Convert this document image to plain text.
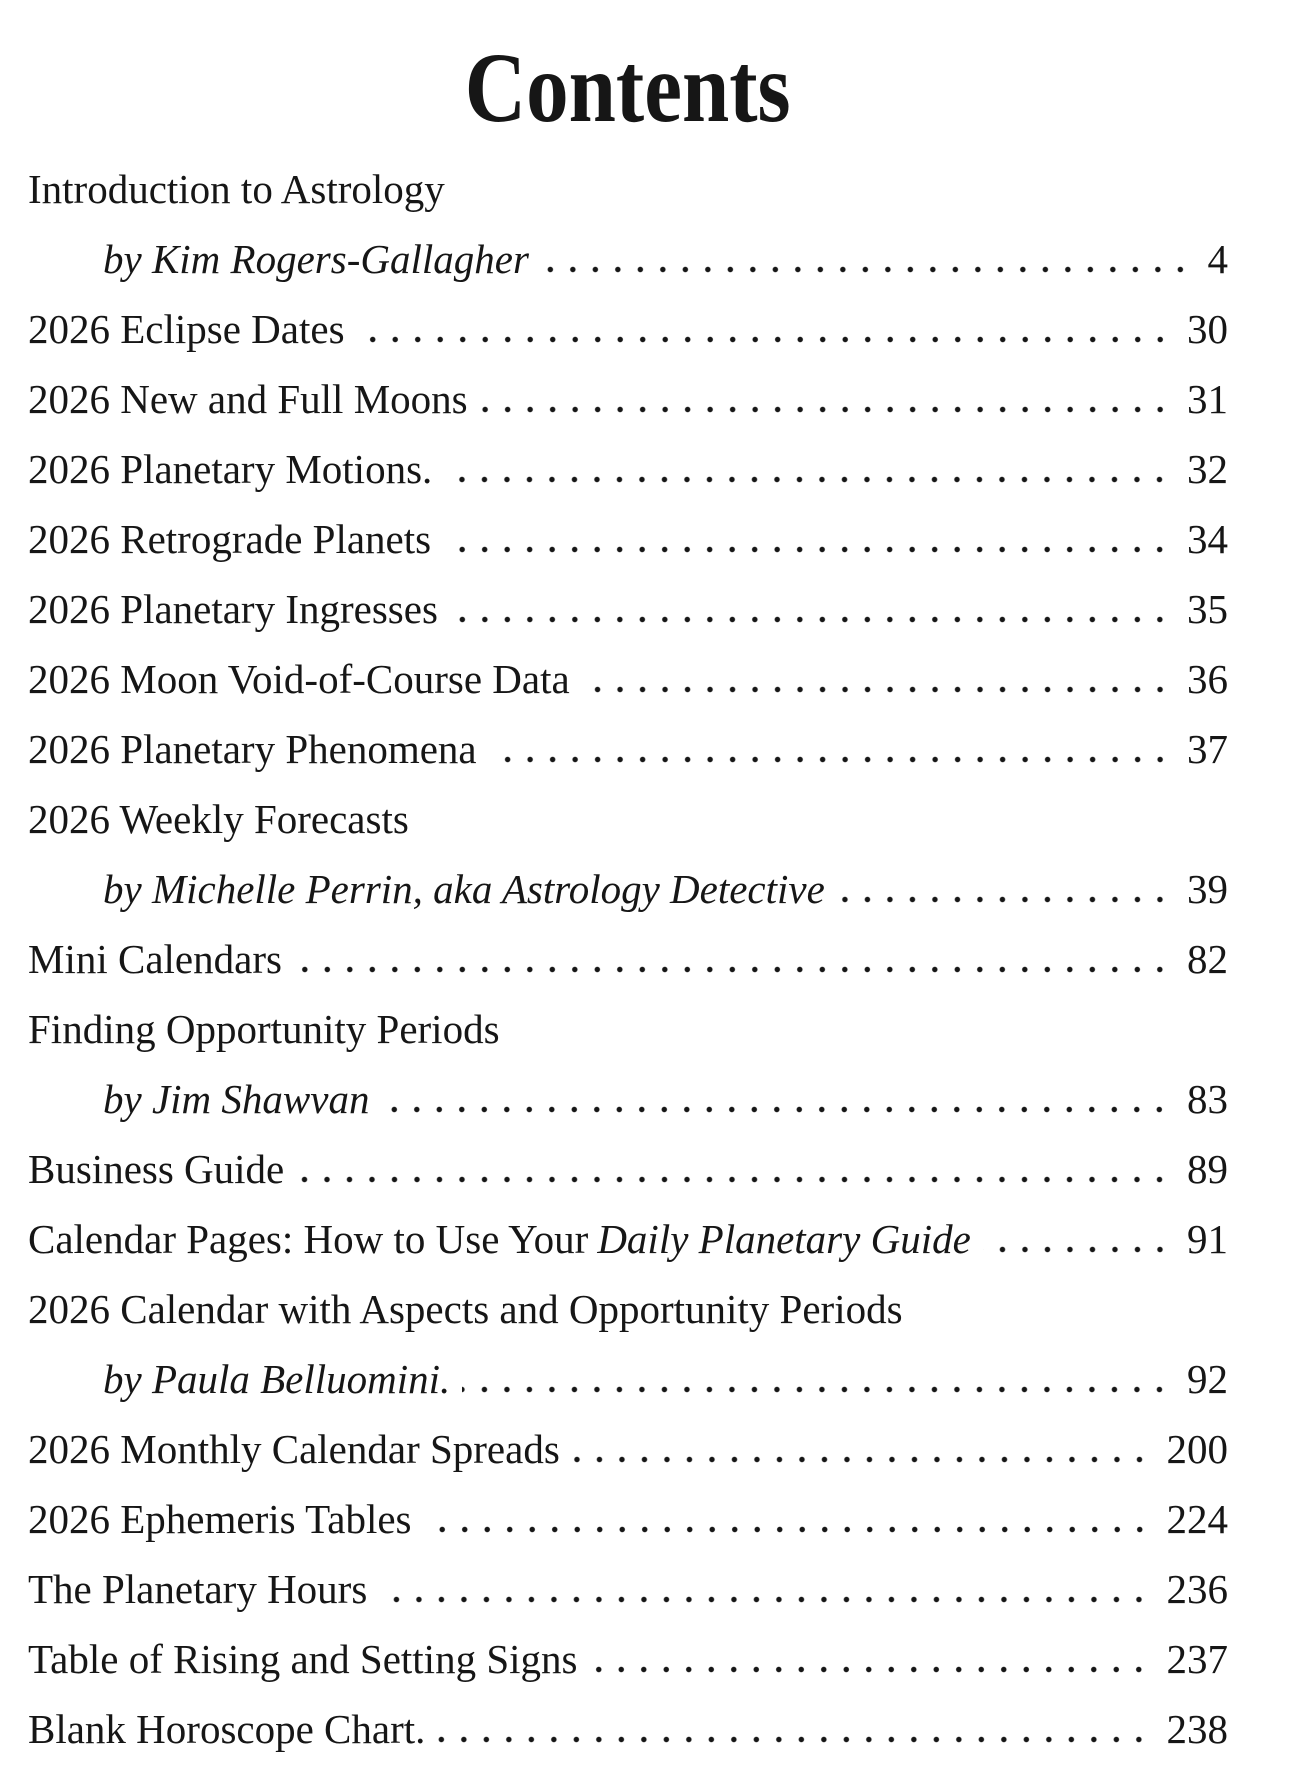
Contents
Introduction to Astrology
by Kim Rogers-Gallagher	4
2026 Eclipse Dates	30
2026 New and Full Moons	31
2026 Planetary Motions.	32
2026 Retrograde Planets	34
2026 Planetary Ingresses	35
2026 Moon Void-of-Course Data	36
2026 Planetary Phenomena	37
2026 Weekly Forecasts
by Michelle Perrin, aka Astrology Detective	39
Mini Calendars	82
Finding Opportunity Periods
by Jim Shawvan	83
Business Guide	89
Calendar Pages: How to Use Your Daily Planetary Guide	91
2026 Calendar with Aspects and Opportunity Periods
by Paula Belluomini.	92
2026 Monthly Calendar Spreads	200
2026 Ephemeris Tables	224
The Planetary Hours	236
Table of Rising and Setting Signs	237
Blank Horoscope Chart.	238
